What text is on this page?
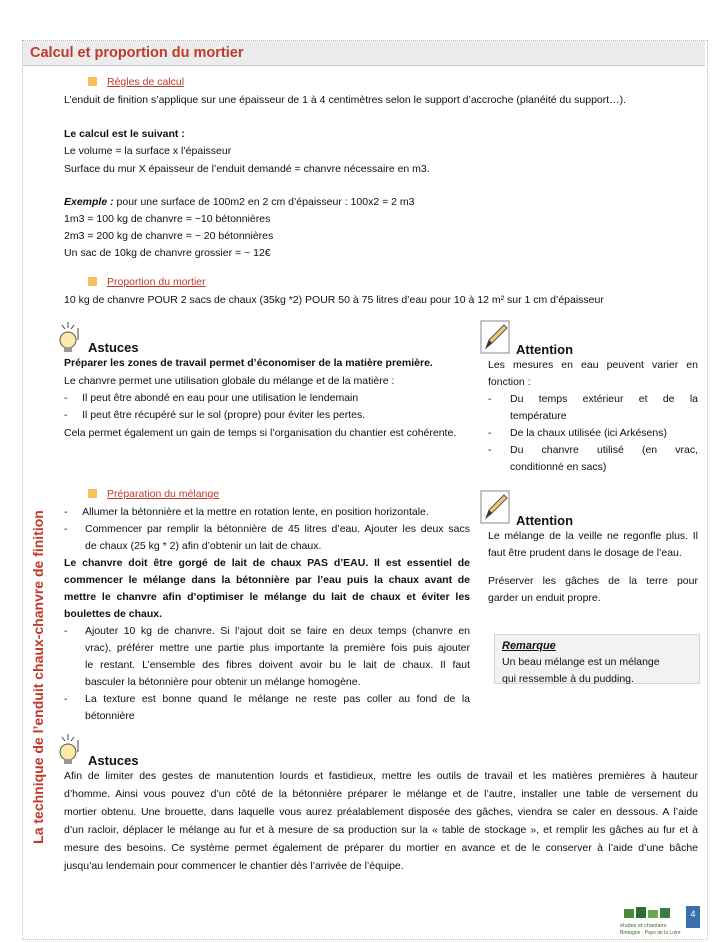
Calcul et proportion du mortier
La technique de l’enduit chaux-chanvre de finition
Règles de calcul
L’enduit de finition s’applique sur une épaisseur de 1 à 4 centimètres selon le support d’accroche (planéité du support…).
Le calcul est le suivant :
Le volume = la surface x l’épaisseur
Surface du mur X épaisseur de l’enduit demandé = chanvre nécessaire en m3.
Exemple : pour une surface de 100m2 en 2 cm d’épaisseur : 100x2 = 2 m3
1m3 = 100 kg de chanvre = ~10 bétonnières
2m3 = 200 kg de chanvre = ~ 20 bétonnières
Un sac de 10kg de chanvre grossier = ~ 12€
Proportion du mortier
10 kg de chanvre POUR 2 sacs de chaux (35kg *2) POUR 50 à 75 litres d’eau pour 10 à 12 m² sur 1 cm d’épaisseur
Astuces
Préparer les zones de travail permet d’économiser de la matière première.
Le chanvre permet une utilisation globale du mélange et de la matière :
-     Il peut être abondé en eau pour une utilisation le lendemain
-     Il peut être récupéré sur le sol (propre) pour éviter les pertes.
Cela permet également un gain de temps si l’organisation du chantier est cohérente.
Attention
Les mesures en eau peuvent varier en
fonction :
- Du temps extérieur et de la
température
- De la chaux utilisée (ici Arkésens)
- Du chanvre utilisé (en vrac,
conditionné en sacs)
Préparation du mélange
-     Allumer la bétonnière et la mettre en rotation lente, en position horizontale.
- Commencer par remplir la bétonnière de 45 litres d’eau. Ajouter les deux sacs
de chaux (25 kg * 2) afin d’obtenir un lait de chaux.
Le chanvre doit être gorgé de lait de chaux PAS d’EAU. Il est essentiel de
commencer le mélange dans la bétonnière par l’eau puis la chaux avant de
mettre le chanvre afin d’optimiser le mélange du lait de chaux et éviter les
boulettes de chaux.
- Ajouter 10 kg de chanvre. Si l’ajout doit se faire en deux temps (chanvre en
vrac), préférer mettre une partie plus importante la première fois puis ajouter
le restant. L’ensemble des fibres doivent avoir bu le lait de chaux. Il faut
basculer la bétonnière pour obtenir un mélange homogène.
- La texture est bonne quand le mélange ne reste pas coller au fond de la
bétonnière
Attention
Le mélange de la veille ne regonfle plus. Il
faut être prudent dans le dosage de l’eau.
Préserver les gâches de la terre pour
garder un enduit propre.
Remarque
Un beau mélange est un mélange
qui ressemble à du pudding.
Astuces
Afin de limiter des gestes de manutention lourds et fastidieux, mettre les outils de travail et les matières premières à hauteur
d’homme. Ainsi vous pouvez d’un côté de la bétonnière préparer le mélange et de l’autre, installer une table de versement du
mortier obtenu. Une brouette, dans laquelle vous aurez préalablement disposée des gâches, viendra se caler en dessous. A l’aide
d’un racloir, déplacer le mélange au fur et à mesure de sa production sur la « table de stockage », et remplir les gâches au fur et à
mesure des besoins. Ce système permet également de préparer du mortier en avance et de le conserver à l’aide d’une bâche
jusqu’au lendemain pour commencer le chantier dès l’arrivée de l’équipe.
études et chantiers
Bretagne · Pays de la Loire
4
